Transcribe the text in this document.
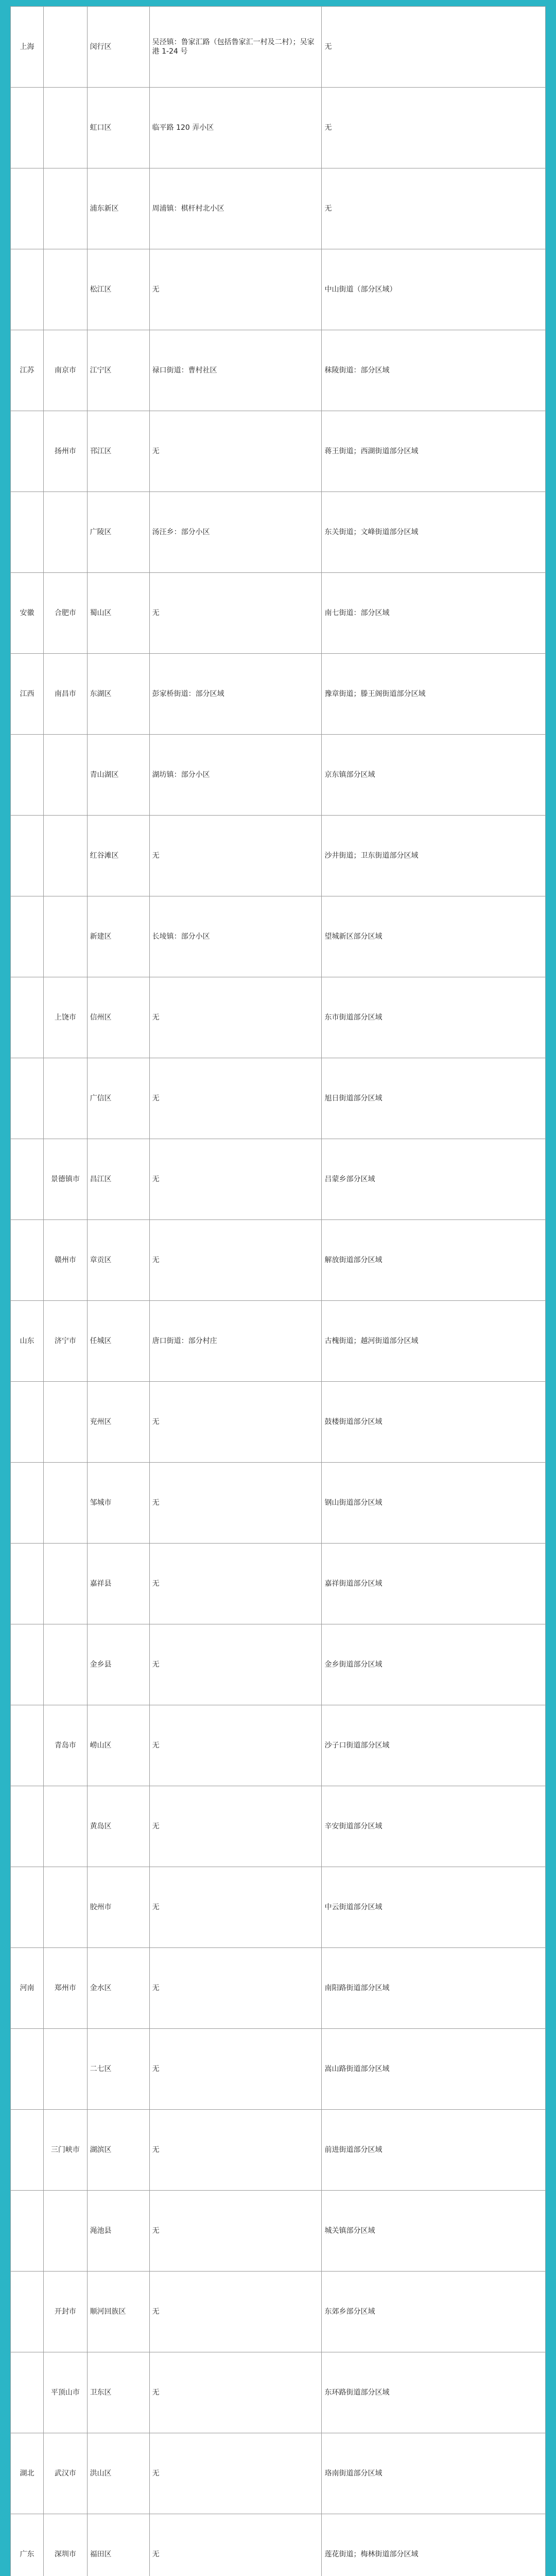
上海		闵行区	吴泾镇：鲁家汇路（包括鲁家汇一村及二村）；吴家港 1-24 号	无
		虹口区	临平路 120 弄小区	无
		浦东新区	周浦镇：棋杆村北小区	无
		松江区	无	中山街道（部分区域）
江苏	南京市	江宁区	禄口街道：曹村社区	秣陵街道：部分区域
	扬州市	邗江区	无	蒋王街道；西湖街道部分区域
		广陵区	汤汪乡：部分小区	东关街道；文峰街道部分区域
安徽	合肥市	蜀山区	无	南七街道：部分区域
江西	南昌市	东湖区	彭家桥街道：部分区域	豫章街道；滕王阁街道部分区域
		青山湖区	湖坊镇：部分小区	京东镇部分区域
		红谷滩区	无	沙井街道；卫东街道部分区域
		新建区	长堎镇：部分小区	望城新区部分区域
	上饶市	信州区	无	东市街道部分区域
		广信区	无	旭日街道部分区域
	景德镇市	昌江区	无	吕蒙乡部分区域
	赣州市	章贡区	无	解放街道部分区域
山东	济宁市	任城区	唐口街道：部分村庄	古槐街道；越河街道部分区域
		兖州区	无	鼓楼街道部分区域
		邹城市	无	钢山街道部分区域
		嘉祥县	无	嘉祥街道部分区域
		金乡县	无	金乡街道部分区域
	青岛市	崂山区	无	沙子口街道部分区域
		黄岛区	无	辛安街道部分区域
		胶州市	无	中云街道部分区域
河南	郑州市	金水区	无	南阳路街道部分区域
		二七区	无	嵩山路街道部分区域
	三门峡市	湖滨区	无	前进街道部分区域
		渑池县	无	城关镇部分区域
	开封市	顺河回族区	无	东郊乡部分区域
	平顶山市	卫东区	无	东环路街道部分区域
湖北	武汉市	洪山区	无	珞南街道部分区域
广东	深圳市	福田区	无	莲花街道；梅林街道部分区域
